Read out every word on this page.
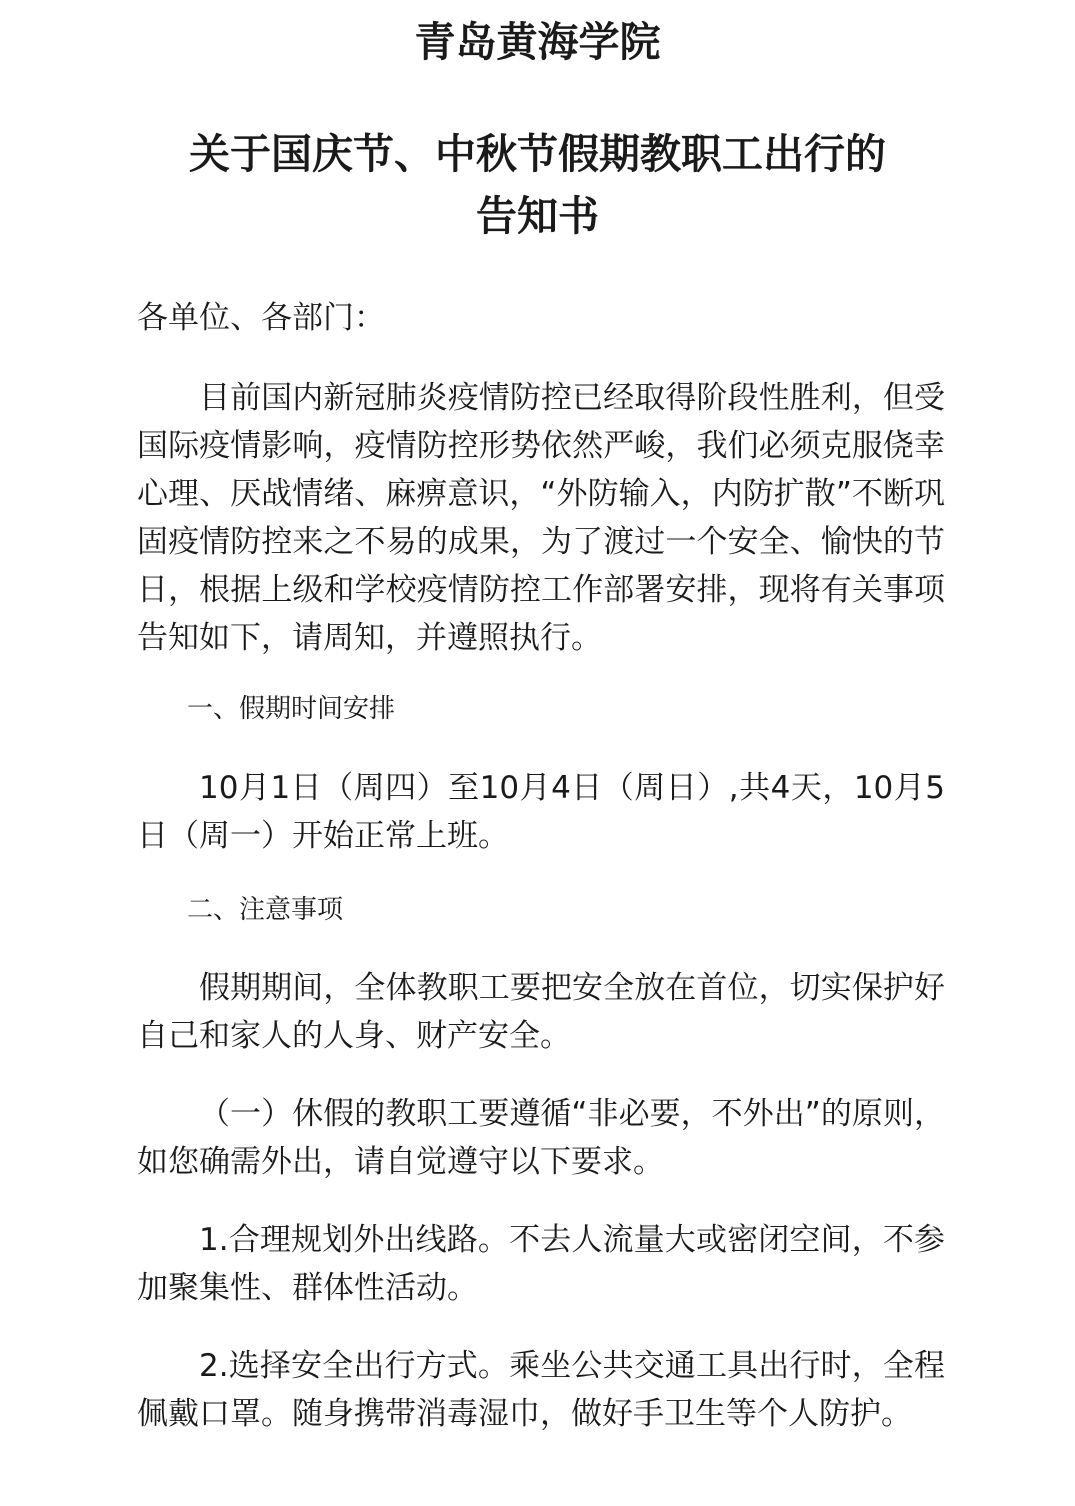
青岛黄海学院
关于国庆节、中秋节假期教职工出行的
告知书

各单位、各部门：

目前国内新冠肺炎疫情防控已经取得阶段性胜利，但受国际疫情影响，疫情防控形势依然严峻，我们必须克服侥幸心理、厌战情绪、麻痹意识，“外防输入，内防扩散”不断巩固疫情防控来之不易的成果，为了渡过一个安全、愉快的节日，根据上级和学校疫情防控工作部署安排，现将有关事项告知如下，请周知，并遵照执行。

一、假期时间安排

10月1日（周四）至10月4日（周日）,共4天，10月5日（周一）开始正常上班。

二、注意事项

假期期间，全体教职工要把安全放在首位，切实保护好自己和家人的人身、财产安全。

（一）休假的教职工要遵循“非必要，不外出”的原则，如您确需外出，请自觉遵守以下要求。

1.合理规划外出线路。不去人流量大或密闭空间，不参加聚集性、群体性活动。

2.选择安全出行方式。乘坐公共交通工具出行时，全程佩戴口罩。随身携带消毒湿巾，做好手卫生等个人防护。
